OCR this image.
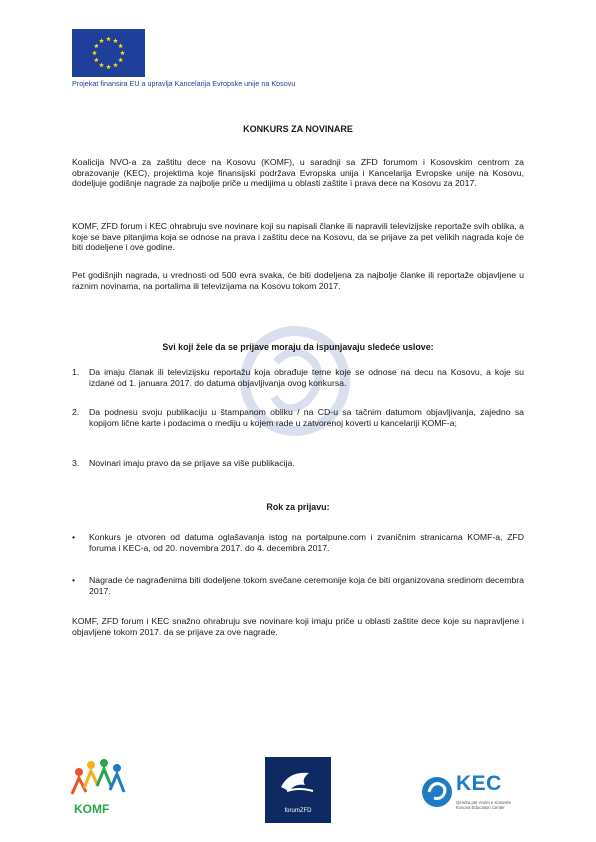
Projekat finansira EU a upravlja Kancelarija Evropske unije na Kosovu
KONKURS ZA NOVINARE
Koalicija NVO-a za zaštitu dece na Kosovu (KOMF), u saradnji sa ZFD forumom i Kosovskim centrom za obrazovanje (KEC), projektima koje finansijski podržava Evropska unija i Kancelarija Evropske unije na Kosovu, dodeljuje godišnje nagrade za najbolje priče u medijima u oblasti zaštite i prava dece na Kosovu za 2017.
KOMF, ZFD forum i KEC ohrabruju sve novinare koji su napisali članke ili napravili televizijske reportaže svih oblika, a koje se bave pitanjima koja se odnose na prava i zaštitu dece na Kosovu, da se prijave za pet velikih nagrada koje će biti dodeljene i ove godine.
Pet godišnjih nagrada, u vrednosti od 500 evra svaka, će biti dodeljena za najbolje članke ili reportaže objavljene u raznim novinama, na portalima ili televizijama na Kosovu tokom 2017.
Svi koji žele da se prijave moraju da ispunjavaju sledeće uslove:
1.	Da imaju članak ili televizijsku reportažu koja obrađuje teme koje se odnose na decu na Kosovu, a koje su izdane od 1. januara 2017. do datuma objavljivanja ovog konkursa.
2.	Da podnesu svoju publikaciju u štampanom obliku / na CD-u sa tačnim datumom objavljivanja, zajedno sa kopijom lične karte i podacima o mediju u kojem rade u zatvorenoj koverti u kancelariji KOMF-a;
3.	Novinari imaju pravo da se prijave sa više publikacija.
Rok za prijavu:
•	Konkurs je otvoren od datuma oglašavanja istog na portalpune.com i zvaničnim stranicama KOMF-a, ZFD foruma i KEC-a, od 20. novembra 2017. do 4. decembra 2017.
•	Nagrade će nagrađenima biti dodeljene tokom svečane ceremonije koja će biti organizovana sredinom decembra 2017.
KOMF, ZFD forum i KEC snažno ohrabruju sve novinare koji imaju priče u oblasti zaštite dece koje su napravljene i objavljene tokom 2017. da se prijave za ove nagrade.
KOMF	forumZFD
KEC
Qendra për Arsim e Kosovës
Kosova Education Center
